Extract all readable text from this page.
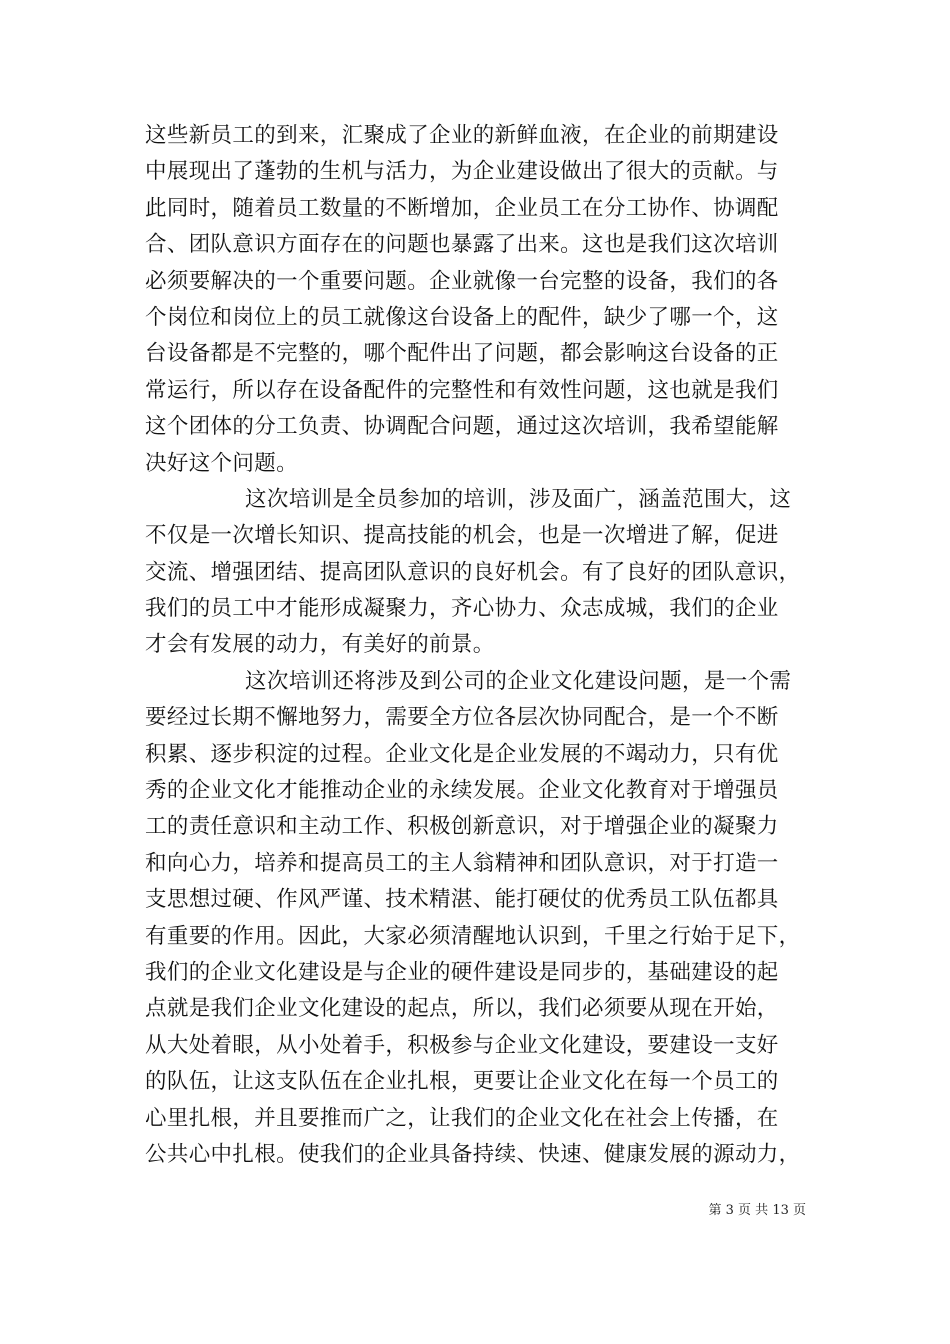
这些新员工的到来，汇聚成了企业的新鲜血液，在企业的前期建设
中展现出了蓬勃的生机与活力，为企业建设做出了很大的贡献。与
此同时，随着员工数量的不断增加，企业员工在分工协作、协调配
合、团队意识方面存在的问题也暴露了出来。这也是我们这次培训
必须要解决的一个重要问题。企业就像一台完整的设备，我们的各
个岗位和岗位上的员工就像这台设备上的配件，缺少了哪一个，这
台设备都是不完整的，哪个配件出了问题，都会影响这台设备的正
常运行，所以存在设备配件的完整性和有效性问题，这也就是我们
这个团体的分工负责、协调配合问题，通过这次培训，我希望能解
决好这个问题。
这次培训是全员参加的培训，涉及面广，涵盖范围大，这
不仅是一次增长知识、提高技能的机会，也是一次增进了解，促进
交流、增强团结、提高团队意识的良好机会。有了良好的团队意识，
我们的员工中才能形成凝聚力，齐心协力、众志成城，我们的企业
才会有发展的动力，有美好的前景。
这次培训还将涉及到公司的企业文化建设问题，是一个需
要经过长期不懈地努力，需要全方位各层次协同配合，是一个不断
积累、逐步积淀的过程。企业文化是企业发展的不竭动力，只有优
秀的企业文化才能推动企业的永续发展。企业文化教育对于增强员
工的责任意识和主动工作、积极创新意识，对于增强企业的凝聚力
和向心力，培养和提高员工的主人翁精神和团队意识，对于打造一
支思想过硬、作风严谨、技术精湛、能打硬仗的优秀员工队伍都具
有重要的作用。因此，大家必须清醒地认识到，千里之行始于足下，
我们的企业文化建设是与企业的硬件建设是同步的，基础建设的起
点就是我们企业文化建设的起点，所以，我们必须要从现在开始，
从大处着眼，从小处着手，积极参与企业文化建设，要建设一支好
的队伍，让这支队伍在企业扎根，更要让企业文化在每一个员工的
心里扎根，并且要推而广之，让我们的企业文化在社会上传播，在
公共心中扎根。使我们的企业具备持续、快速、健康发展的源动力，
第 3 页 共 13 页
